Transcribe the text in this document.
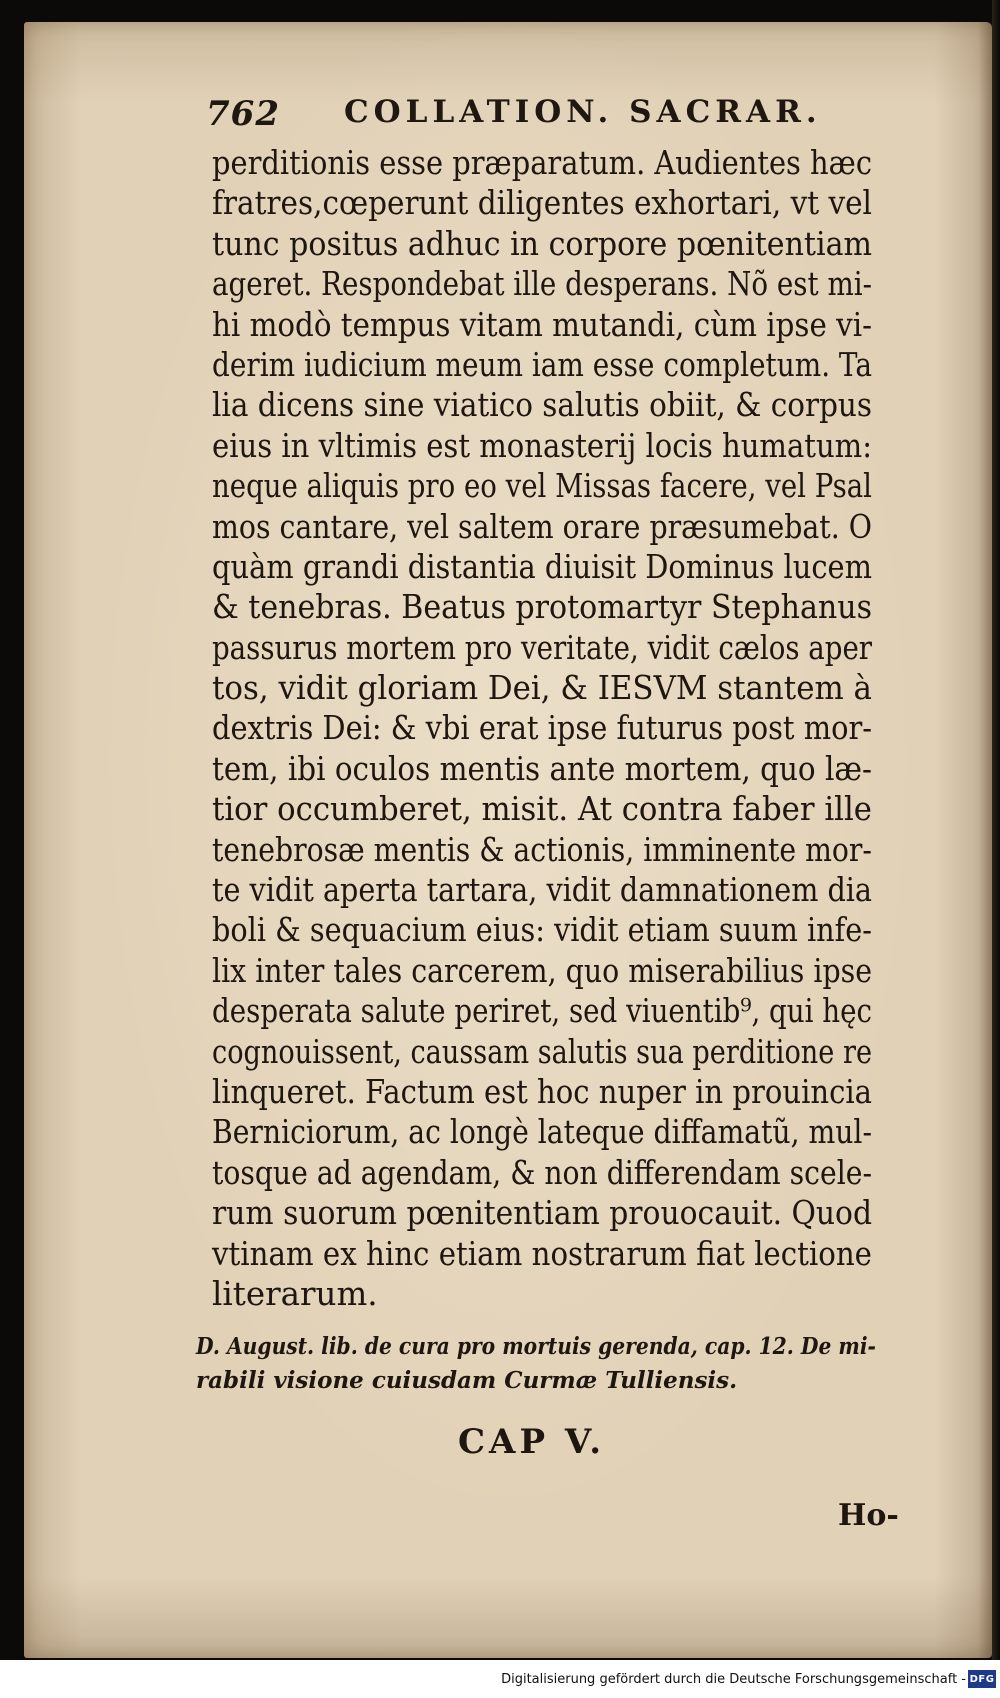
762 COLLATION. SACRAR.
perditionis esse præparatum. Audientes hæc
fratres,cœperunt diligentes exhortari, vt vel
tunc positus adhuc in corpore pœnitentiam
ageret. Respondebat ille desperans. Nõ est mi-
hi modò tempus vitam mutandi, cùm ipse vi-
derim iudicium meum iam esse completum. Ta
lia dicens sine viatico salutis obiit, & corpus
eius in vltimis est monasterij locis humatum:
neque aliquis pro eo vel Missas facere, vel Psal
mos cantare, vel saltem orare præsumebat. O
quàm grandi distantia diuisit Dominus lucem
& tenebras. Beatus protomartyr Stephanus
passurus mortem pro veritate, vidit cælos aper
tos, vidit gloriam Dei, & IESVM stantem à
dextris Dei: & vbi erat ipse futurus post mor-
tem, ibi oculos mentis ante mortem, quo læ-
tior occumberet, misit. At contra faber ille
tenebrosæ mentis & actionis, imminente mor-
te vidit aperta tartara, vidit damnationem dia
boli & sequacium eius: vidit etiam suum infe-
lix inter tales carcerem, quo miserabilius ipse
desperata salute periret, sed viuentib⁹, qui hęc
cognouissent, caussam salutis sua perditione re
linqueret. Factum est hoc nuper in prouincia
Berniciorum, ac longè lateque diffamatũ, mul-
tosque ad agendam, & non differendam scele-
rum suorum pœnitentiam prouocauit. Quod
vtinam ex hinc etiam nostrarum fiat lectione
literarum.
D. August. lib. de cura pro mortuis gerenda, cap. 12. De mi-
rabili visione cuiusdam Curmæ Tulliensis.
CAP V.
Ho-
Digitalisierung gefördert durch die Deutsche Forschungsgemeinschaft - DFG
